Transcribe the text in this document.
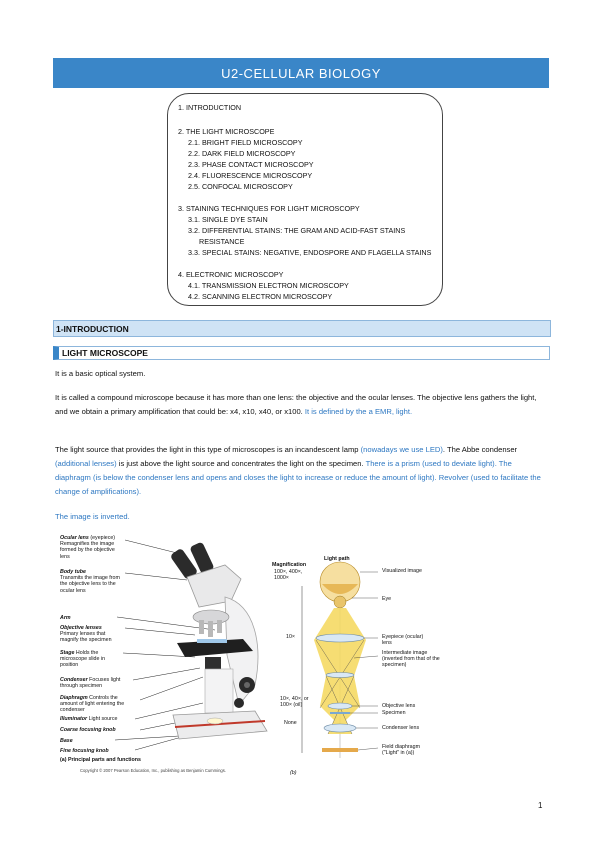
U2-CELLULAR BIOLOGY
1. INTRODUCTION
2. THE LIGHT MICROSCOPE
2.1. BRIGHT FIELD MICROSCOPY
2.2. DARK FIELD MICROSCOPY
2.3. PHASE CONTACT MICROSCOPY
2.4. FLUORESCENCE MICROSCOPY
2.5. CONFOCAL MICROSCOPY
3. STAINING TECHNIQUES FOR LIGHT MICROSCOPY
3.1. SINGLE DYE STAIN
3.2. DIFFERENTIAL STAINS: THE GRAM AND ACID-FAST STAINS
RESISTANCE
3.3. SPECIAL STAINS: NEGATIVE, ENDOSPORE AND FLAGELLA STAINS
4. ELECTRONIC MICROSCOPY
4.1. TRANSMISSION ELECTRON MICROSCOPY
4.2. SCANNING ELECTRON MICROSCOPY
1-INTRODUCTION
LIGHT MICROSCOPE
It is a basic optical system.
It is called a compound microscope because it has more than one lens: the objective and the ocular lenses. The objective lens gathers the light, and we obtain a primary amplification that could be: x4, x10, x40, or x100. It is defined by the a EMR, light.
The light source that provides the light in this type of microscopes is an incandescent lamp (nowadays we use LED). The Abbe condenser (additional lenses) is just above the light source and concentrates the light on the specimen. There is a prism (used to deviate light). The diaphragm (is below the condenser lens and opens and closes the light to increase or reduce the amount of light). Revolver (used to facilitate the change of amplifications).
The image is inverted.
Ocular lens (eyepiece)
Remagnifies the image formed by the objective lens
Body tube
Transmits the image from the objective lens to the ocular lens
Arm
Objective lenses
Primary lenses that magnify the specimen
Stage Holds the microscope slide in position
Condenser Focuses light through specimen
Diaphragm Controls the amount of light entering the condenser
Illuminator Light source
Coarse focusing knob
Base
Fine focusing knob
(a) Principal parts and functions
Copyright © 2007 Pearson Education, Inc., publishing as Benjamin Cummings.
Magnification
100×, 400×, 1000×
Light path
10×
10×, 40×, or 100× (oil)
None
Visualized image
Eye
Eyepiece (ocular) lens
Intermediate image (inverted from that of the specimen)
Objective lens
Specimen
Condenser lens
Field diaphragm ("Light" in (a))
(b)
1
